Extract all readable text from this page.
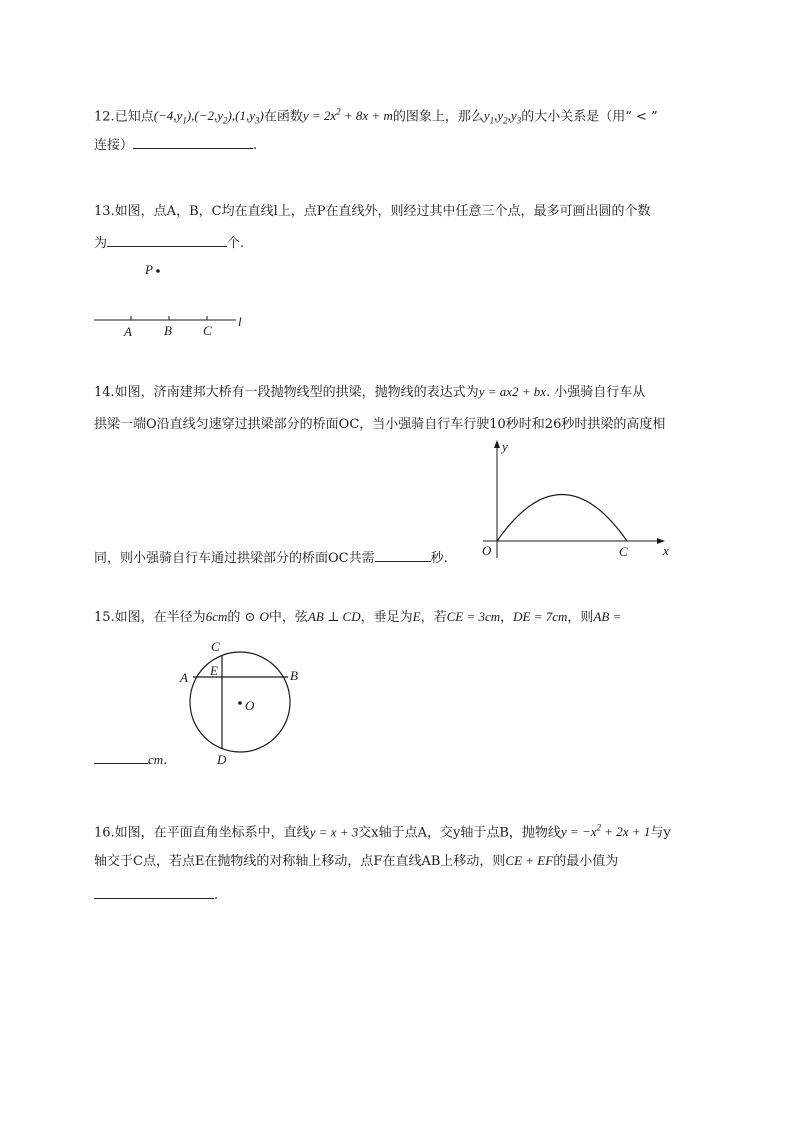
12.已知点$(-4,y_1),(-2,y_2),(1,y_3)$在函数$y = 2x^2 + 8x + m$的图象上，那么$y_1,y_2,y_3$的大小关系是（用“ < ”
连接）	.
13.如图，点A，B，C均在直线l上，点P在直线外，则经过其中任意三个点，最多可画出圆的个数
为	个.
P
A B C
l
14.如图，济南建邦大桥有一段抛物线型的拱梁，抛物线的表达式为y = ax2 + bx. 小强骑自行车从
拱梁一端O沿直线匀速穿过拱梁部分的桥面OC，当小强骑自行车行驶10秒时和26秒时拱梁的高度相
同，则小强骑自行车通过拱梁部分的桥面OC共需	秒.
y
x
O	C
15.如图，在半径为6cm的 ⊙ O中，弦AB ⊥ CD，垂足为E，若CE = 3cm，DE = 7cm，则AB =
cm.
C
A E	B
O
D
16.如图，在平面直角坐标系中，直线y = x + 3交x轴于点A，交y轴于点B，抛物线$y = -x^2 + 2x + 1$与y
轴交于C点，若点E在抛物线的对称轴上移动，点F在直线AB上移动，则CE + EF的最小值为
.
